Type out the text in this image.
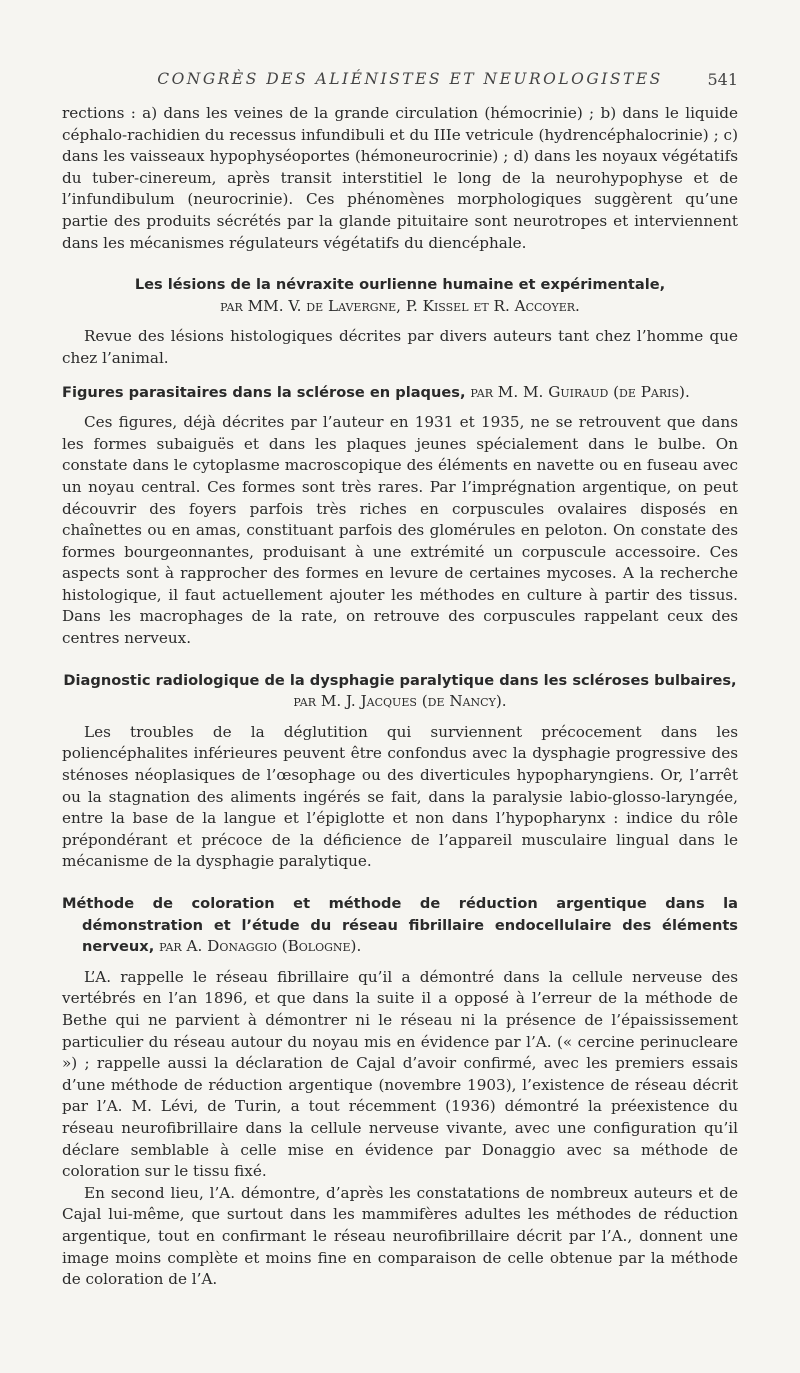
CONGRÈS DES ALIÉNISTES ET NEUROLOGISTES	541

rections : a) dans les veines de la grande circulation (hémocrinie) ; b) dans le liquide céphalo-rachidien du recessus infundibuli et du IIIe vetricule (hydrencéphalocrinie) ; c) dans les vaisseaux hypophyséoportes (hémoneurocrinie) ; d) dans les noyaux végétatifs du tuber-cinereum, après transit interstitiel le long de la neurohypophyse et de l’infundibulum (neurocrinie). Ces phénomènes morphologiques suggèrent qu’une partie des produits sécrétés par la glande pituitaire sont neurotropes et interviennent dans les mécanismes régulateurs végétatifs du diencéphale.

Les lésions de la névraxite ourlienne humaine et expérimentale,

par MM. V. de Lavergne, P. Kissel et R. Accoyer.

Revue des lésions histologiques décrites par divers auteurs tant chez l’homme que chez l’animal.

Figures parasitaires dans la sclérose en plaques, par M. M. Guiraud (de Paris).

Ces figures, déjà décrites par l’auteur en 1931 et 1935, ne se retrouvent que dans les formes subaiguës et dans les plaques jeunes spécialement dans le bulbe. On constate dans le cytoplasme macroscopique des éléments en navette ou en fuseau avec un noyau central. Ces formes sont très rares. Par l’imprégnation argentique, on peut découvrir des foyers parfois très riches en corpuscules ovalaires disposés en chaînettes ou en amas, constituant parfois des glomérules en peloton. On constate des formes bourgeonnantes, produisant à une extrémité un corpuscule accessoire. Ces aspects sont à rapprocher des formes en levure de certaines mycoses. A la recherche histologique, il faut actuellement ajouter les méthodes en culture à partir des tissus. Dans les macrophages de la rate, on retrouve des corpuscules rappelant ceux des centres nerveux.

Diagnostic radiologique de la dysphagie paralytique dans les scléroses bulbaires, par M. J. Jacques (de Nancy).

Les troubles de la déglutition qui surviennent précocement dans les poliencéphalites inférieures peuvent être confondus avec la dysphagie progressive des sténoses néoplasiques de l’œsophage ou des diverticules hypopharyngiens. Or, l’arrêt ou la stagnation des aliments ingérés se fait, dans la paralysie labio-glosso-laryngée, entre la base de la langue et l’épiglotte et non dans l’hypopharynx : indice du rôle prépondérant et précoce de la déficience de l’appareil musculaire lingual dans le mécanisme de la dysphagie paralytique.

Méthode de coloration et méthode de réduction argentique dans la démonstration et l’étude du réseau fibrillaire endocellulaire des éléments nerveux, par A. Donaggio (Bologne).

L’A. rappelle le réseau fibrillaire qu’il a démontré dans la cellule nerveuse des vertébrés en l’an 1896, et que dans la suite il a opposé à l’erreur de la méthode de Bethe qui ne parvient à démontrer ni le réseau ni la présence de l’épaississement particulier du réseau autour du noyau mis en évidence par l’A. (« cercine perinucleare ») ; rappelle aussi la déclaration de Cajal d’avoir confirmé, avec les premiers essais d’une méthode de réduction argentique (novembre 1903), l’existence de réseau décrit par l’A. M. Lévi, de Turin, a tout récemment (1936) démontré la préexistence du réseau neurofibrillaire dans la cellule nerveuse vivante, avec une configuration qu’il déclare semblable à celle mise en évidence par Donaggio avec sa méthode de coloration sur le tissu fixé.

En second lieu, l’A. démontre, d’après les constatations de nombreux auteurs et de Cajal lui-même, que surtout dans les mammifères adultes les méthodes de réduction argentique, tout en confirmant le réseau neurofibrillaire décrit par l’A., donnent une image moins complète et moins fine en comparaison de celle obtenue par la méthode de coloration de l’A.
